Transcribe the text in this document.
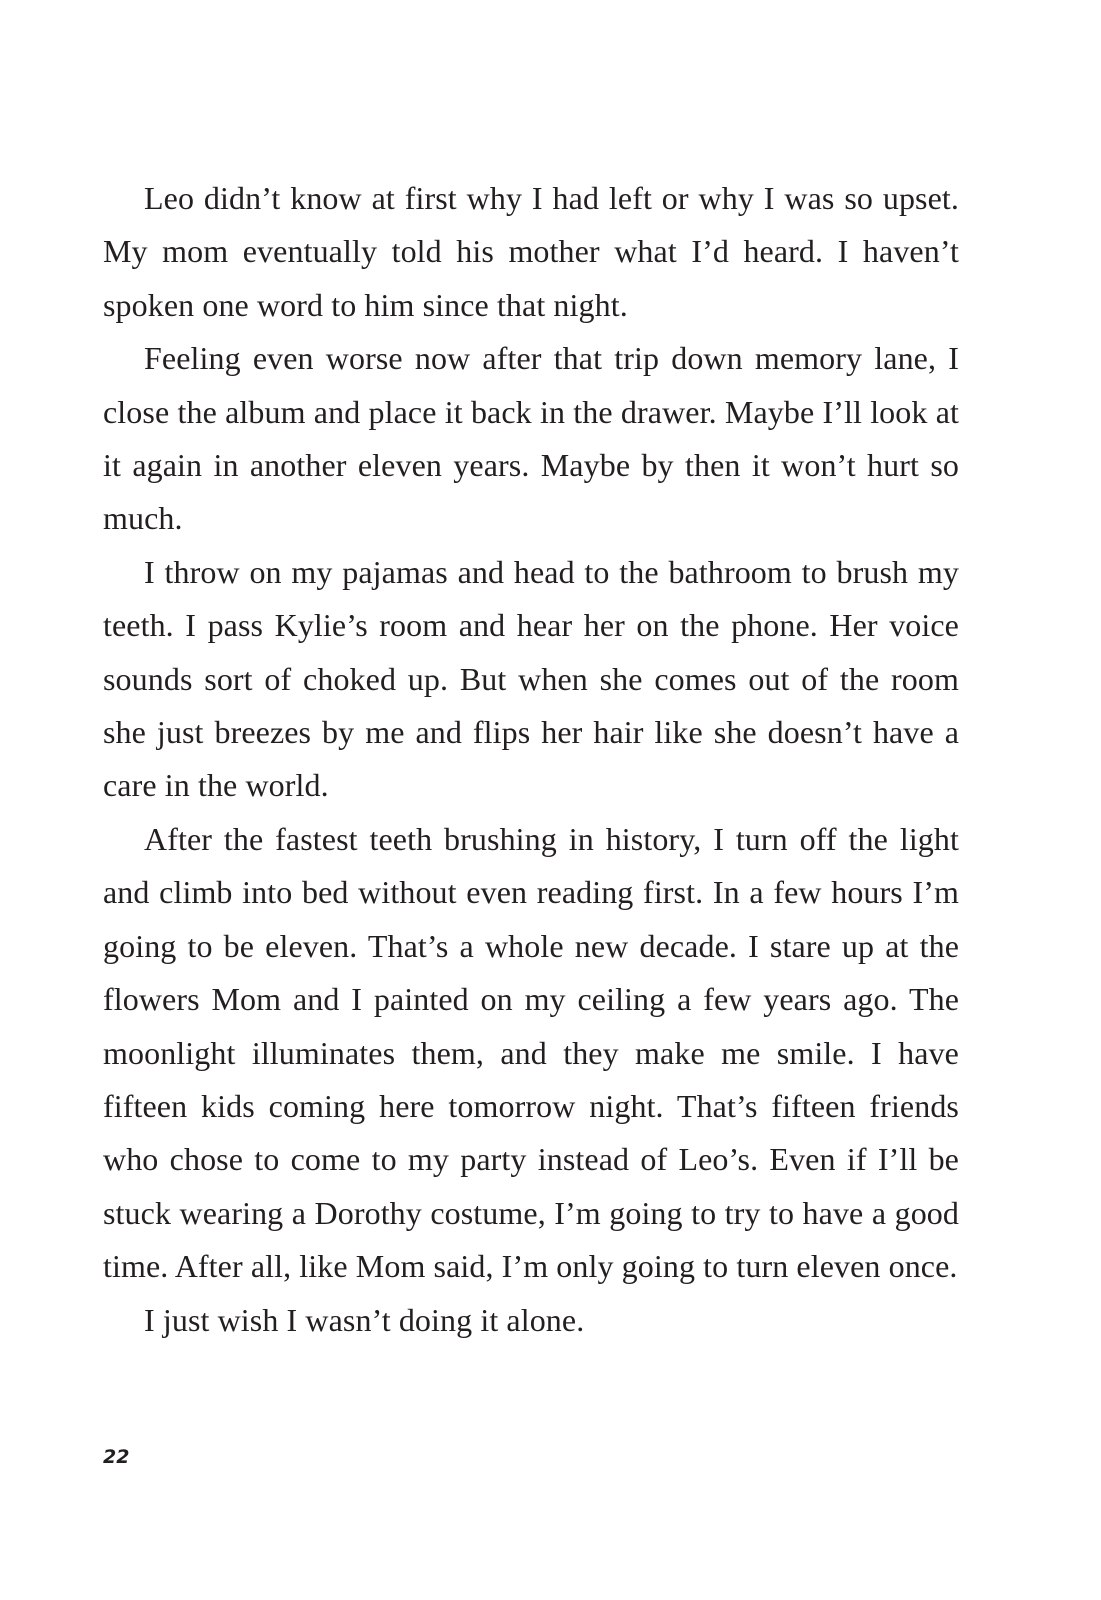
Leo didn’t know at first why I had left or why I was so upset. My mom eventually told his mother what I’d heard. I haven’t spoken one word to him since that night.

Feeling even worse now after that trip down memory lane, I close the album and place it back in the drawer. Maybe I’ll look at it again in another eleven years. Maybe by then it won’t hurt so much.

I throw on my pajamas and head to the bathroom to brush my teeth. I pass Kylie’s room and hear her on the phone. Her voice sounds sort of choked up. But when she comes out of the room she just breezes by me and flips her hair like she doesn’t have a care in the world.

After the fastest teeth brushing in history, I turn off the light and climb into bed without even reading first. In a few hours I’m going to be eleven. That’s a whole new decade. I stare up at the flowers Mom and I painted on my ceiling a few years ago. The moonlight illuminates them, and they make me smile. I have fifteen kids coming here tomorrow night. That’s fifteen friends who chose to come to my party instead of Leo’s. Even if I’ll be stuck wearing a Dorothy costume, I’m going to try to have a good time. After all, like Mom said, I’m only going to turn eleven once.

I just wish I wasn’t doing it alone.

22
